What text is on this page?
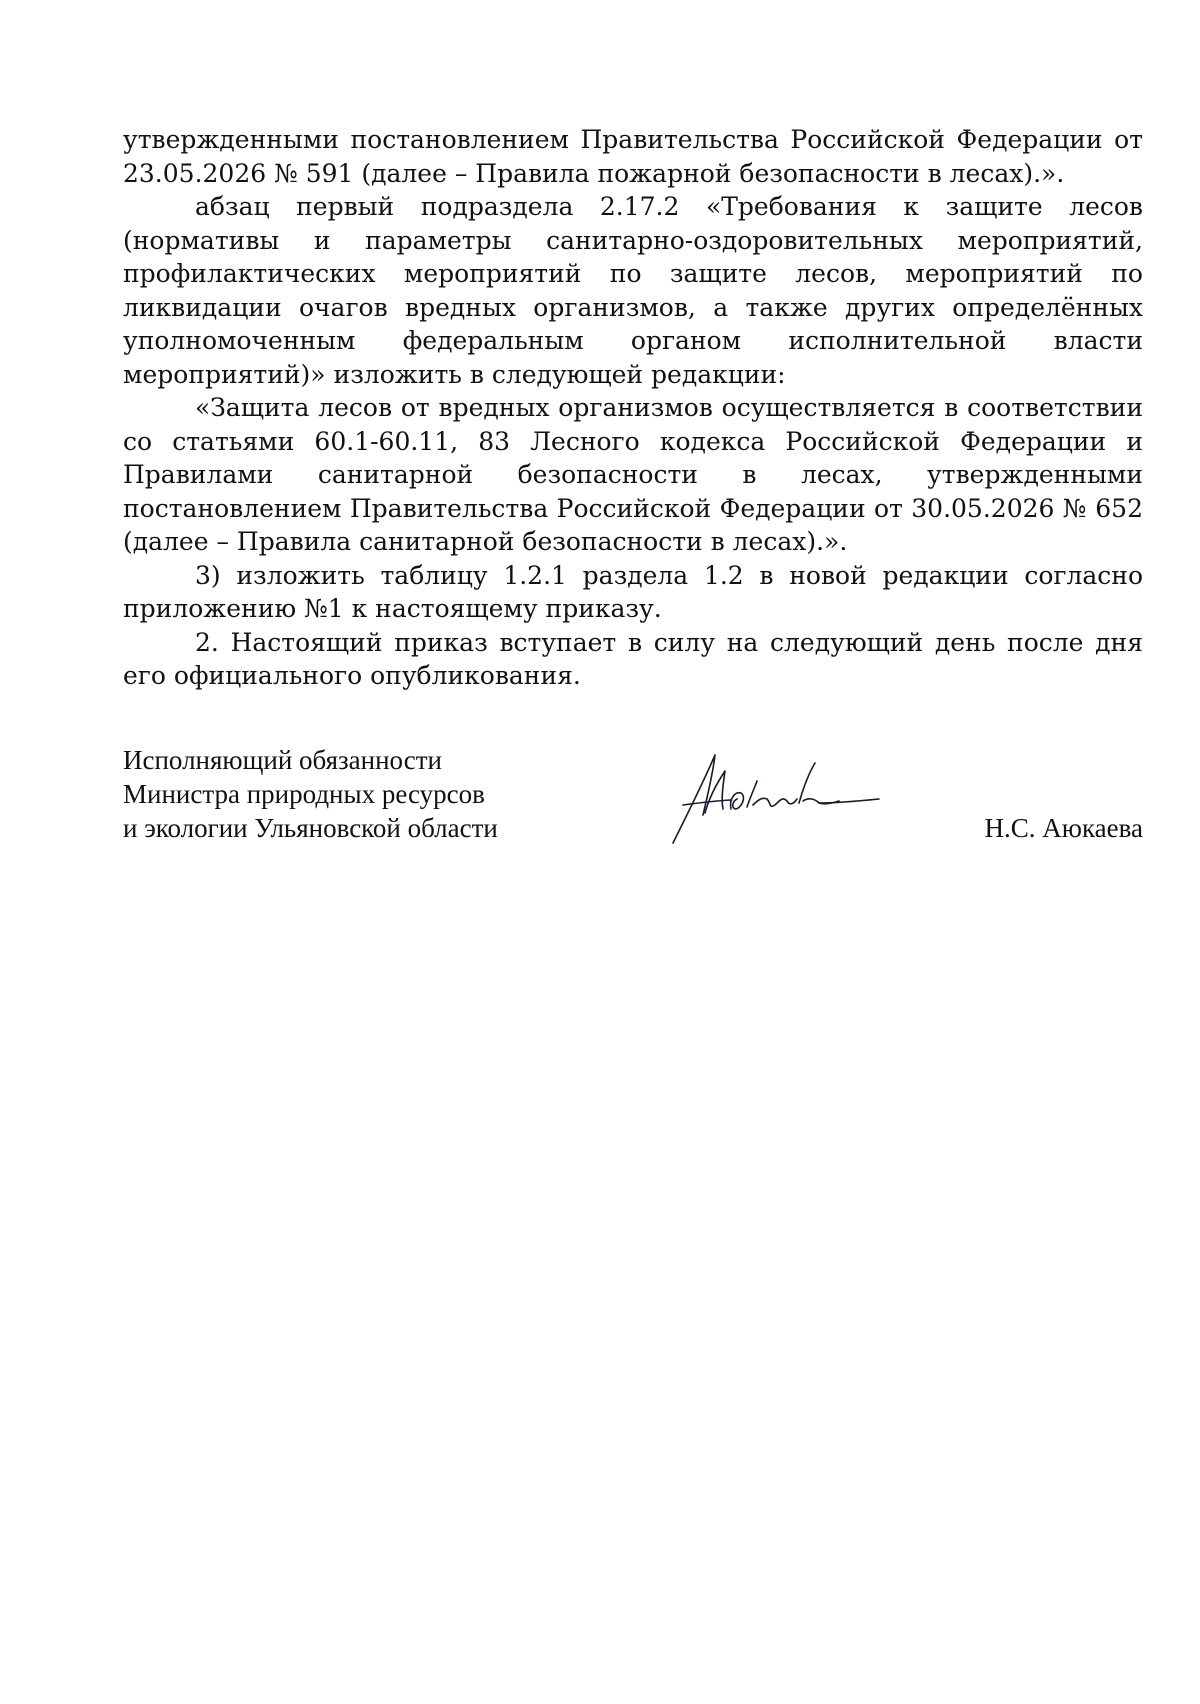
утвержденными постановлением Правительства Российской Федерации от 23.05.2026 № 591 (далее – Правила пожарной безопасности в лесах).».

абзац первый подраздела 2.17.2 «Требования к защите лесов (нормативы и параметры санитарно-оздоровительных мероприятий, профилактических мероприятий по защите лесов, мероприятий по ликвидации очагов вредных организмов, а также других определённых уполномоченным федеральным органом исполнительной власти мероприятий)» изложить в следующей редакции:

«Защита лесов от вредных организмов осуществляется в соответствии со статьями 60.1-60.11, 83 Лесного кодекса Российской Федерации и Правилами санитарной безопасности в лесах, утвержденными постановлением Правительства Российской Федерации от 30.05.2026 № 652 (далее – Правила санитарной безопасности в лесах).».

3) изложить таблицу 1.2.1 раздела 1.2 в новой редакции согласно приложению №1 к настоящему приказу.

2. Настоящий приказ вступает в силу на следующий день после дня его официального опубликования.

Исполняющий обязанности
Министра природных ресурсов
и экологии Ульяновской области	Н.С. Аюкаева
